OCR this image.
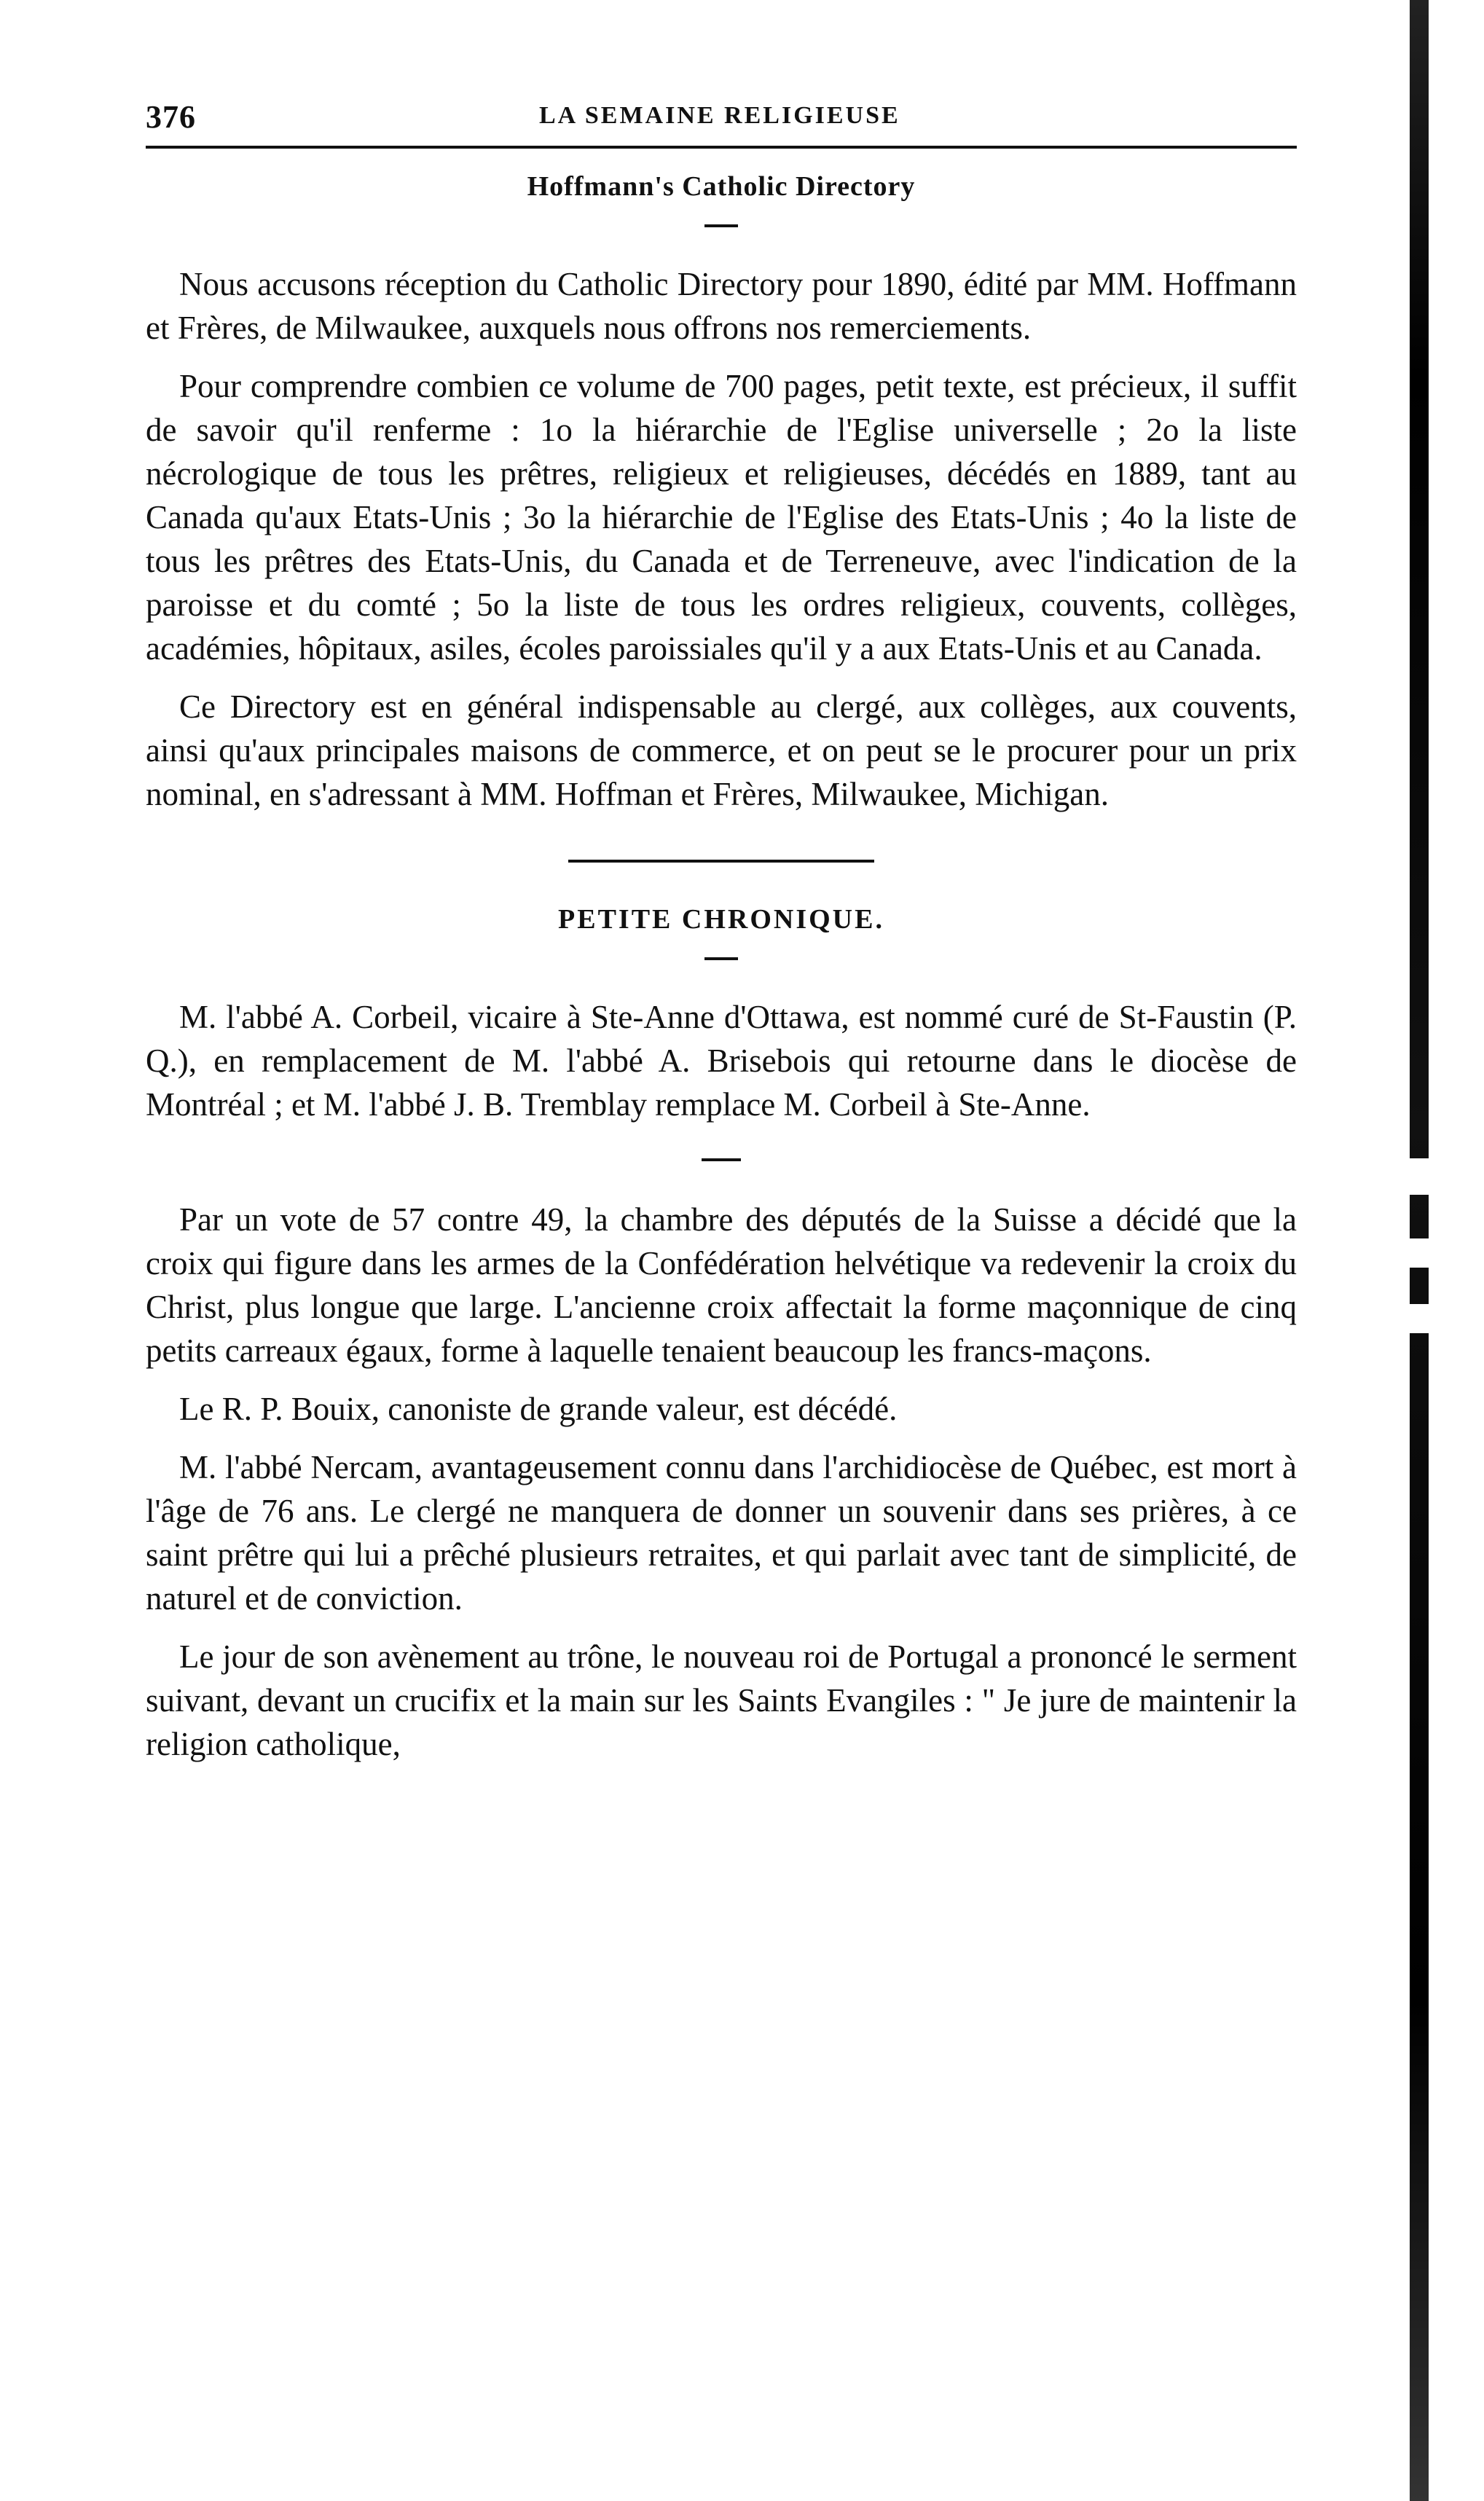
376	LA SEMAINE RELIGIEUSE
Hoffmann's Catholic Directory

Nous accusons réception du Catholic Directory pour 1890, édité par MM. Hoffmann et Frères, de Milwaukee, auxquels nous offrons nos remerciements.

Pour comprendre combien ce volume de 700 pages, petit texte, est précieux, il suffit de savoir qu'il renferme : 1o la hiérarchie de l'Eglise universelle ; 2o la liste nécrologique de tous les prêtres, religieux et religieuses, décédés en 1889, tant au Canada qu'aux Etats-Unis ; 3o la hiérarchie de l'Eglise des Etats-Unis ; 4o la liste de tous les prêtres des Etats-Unis, du Canada et de Terreneuve, avec l'indication de la paroisse et du comté ; 5o la liste de tous les ordres religieux, couvents, collèges, académies, hôpitaux, asiles, écoles paroissiales qu'il y a aux Etats-Unis et au Canada.

Ce Directory est en général indispensable au clergé, aux collèges, aux couvents, ainsi qu'aux principales maisons de commerce, et on peut se le procurer pour un prix nominal, en s'adressant à MM. Hoffman et Frères, Milwaukee, Michigan.

PETITE CHRONIQUE.

M. l'abbé A. Corbeil, vicaire à Ste-Anne d'Ottawa, est nommé curé de St-Faustin (P. Q.), en remplacement de M. l'abbé A. Brisebois qui retourne dans le diocèse de Montréal ; et M. l'abbé J. B. Tremblay remplace M. Corbeil à Ste-Anne.

Par un vote de 57 contre 49, la chambre des députés de la Suisse a décidé que la croix qui figure dans les armes de la Confédération helvétique va redevenir la croix du Christ, plus longue que large. L'ancienne croix affectait la forme maçonnique de cinq petits carreaux égaux, forme à laquelle tenaient beaucoup les francs-maçons.

Le R. P. Bouix, canoniste de grande valeur, est décédé.

M. l'abbé Nercam, avantageusement connu dans l'archidiocèse de Québec, est mort à l'âge de 76 ans. Le clergé ne manquera de donner un souvenir dans ses prières, à ce saint prêtre qui lui a prêché plusieurs retraites, et qui parlait avec tant de simplicité, de naturel et de conviction.

Le jour de son avènement au trône, le nouveau roi de Portugal a prononcé le serment suivant, devant un crucifix et la main sur les Saints Evangiles : " Je jure de maintenir la religion catholique,
